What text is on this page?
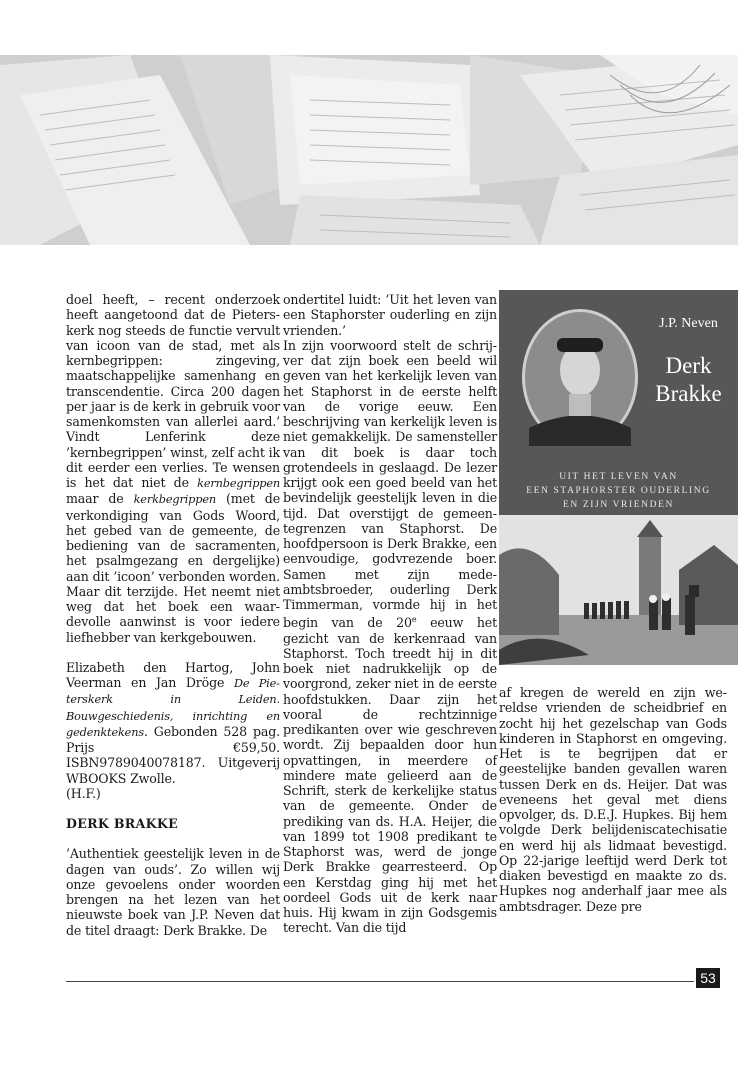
doel heeft, – recent onderzoek heeft aangetoond dat de Pieterskerk nog steeds de functie vervult van icoon van de stad, met als kernbegrippen: zingeving, maatschappelijke samenhang en transcendentie. Circa 200 dagen per jaar is de kerk in gebruik voor samenkomsten van allerlei aard.’ Vindt Lenferink deze ’kernbegrippen’ winst, zelf acht ik dit eerder een verlies. Te wensen is het dat niet de kernbegrippen maar de kerkbegrippen (met de verkondiging van Gods Woord, het gebed van de gemeente, de bediening van de sacramenten, het psalmgezang en dergelijke) aan dit ’icoon’ verbonden worden. Maar dit terzijde. Het neemt niet weg dat het boek een waardevolle aanwinst is voor iedere liefhebber van kerkgebouwen.

Elizabeth den Hartog, John Veerman en Jan Dröge De Pieterskerk in Leiden. Bouwgeschiedenis, inrichting en gedenktekens. Gebonden 528 pag. Prijs €59,50. ISBN9789040078187. Uitgeverij WBOOKS Zwolle.

(H.F.)

DERK BRAKKE

’Authentiek geestelijk leven in de dagen van ouds’. Zo willen wij onze gevoelens onder woorden brengen na het lezen van het nieuwste boek van J.P. Neven dat de titel draagt: Derk Brakke. De

ondertitel luidt: ’Uit het leven van een Staphorster ouderling en zijn vrienden.’

In zijn voorwoord stelt de schrijver dat zijn boek een beeld wil geven van het kerkelijk leven van het Staphorst in de eerste helft van de vorige eeuw. Een beschrijving van kerkelijk leven is niet gemakkelijk. De samensteller van dit boek is daar toch grotendeels in geslaagd. De lezer krijgt ook een goed beeld van het bevindelijk geestelijk leven in die tijd. Dat overstijgt de gemeentegrenzen van Staphorst. De hoofdpersoon is Derk Brakke, een eenvoudige, godvrezende boer. Samen met zijn medeambtsbroeder, ouderling Derk Timmerman, vormde hij in het begin van de 20e eeuw het gezicht van de kerkenraad van Staphorst. Toch treedt hij in dit boek niet nadrukkelijk op de voorgrond, zeker niet in de eerste hoofdstukken. Daar zijn het vooral de rechtzinnige predikanten over wie geschreven wordt. Zij bepaalden door hun opvattingen, in meerdere of mindere mate gelieerd aan de Schrift, sterk de kerkelijke status van de gemeente. Onder de prediking van ds. H.A. Heijer, die van 1899 tot 1908 predikant te Staphorst was, werd de jonge Derk Brakke gearresteerd. Op een Kerstdag ging hij met het oordeel Gods uit de kerk naar huis. Hij kwam in zijn Godsgemis terecht. Van die tijd

J.P. Neven
Derk
Brakke
UIT HET LEVEN VAN
EEN STAPHORSTER OUDERLING
EN ZIJN VRIENDEN

af kregen de wereld en zijn wereldse vrienden de scheidbrief en zocht hij het gezelschap van Gods kinderen in Staphorst en omgeving. Het is te begrijpen dat er geestelijke banden gevallen waren tussen Derk en ds. Heijer. Dat was eveneens het geval met diens opvolger, ds. D.E.J. Hupkes. Bij hem volgde Derk belijdeniscatechisatie en werd hij als lidmaat bevestigd. Op 22-jarige leeftijd werd Derk tot diaken bevestigd en maakte zo ds. Hupkes nog anderhalf jaar mee als ambtsdrager. Deze pre

53
